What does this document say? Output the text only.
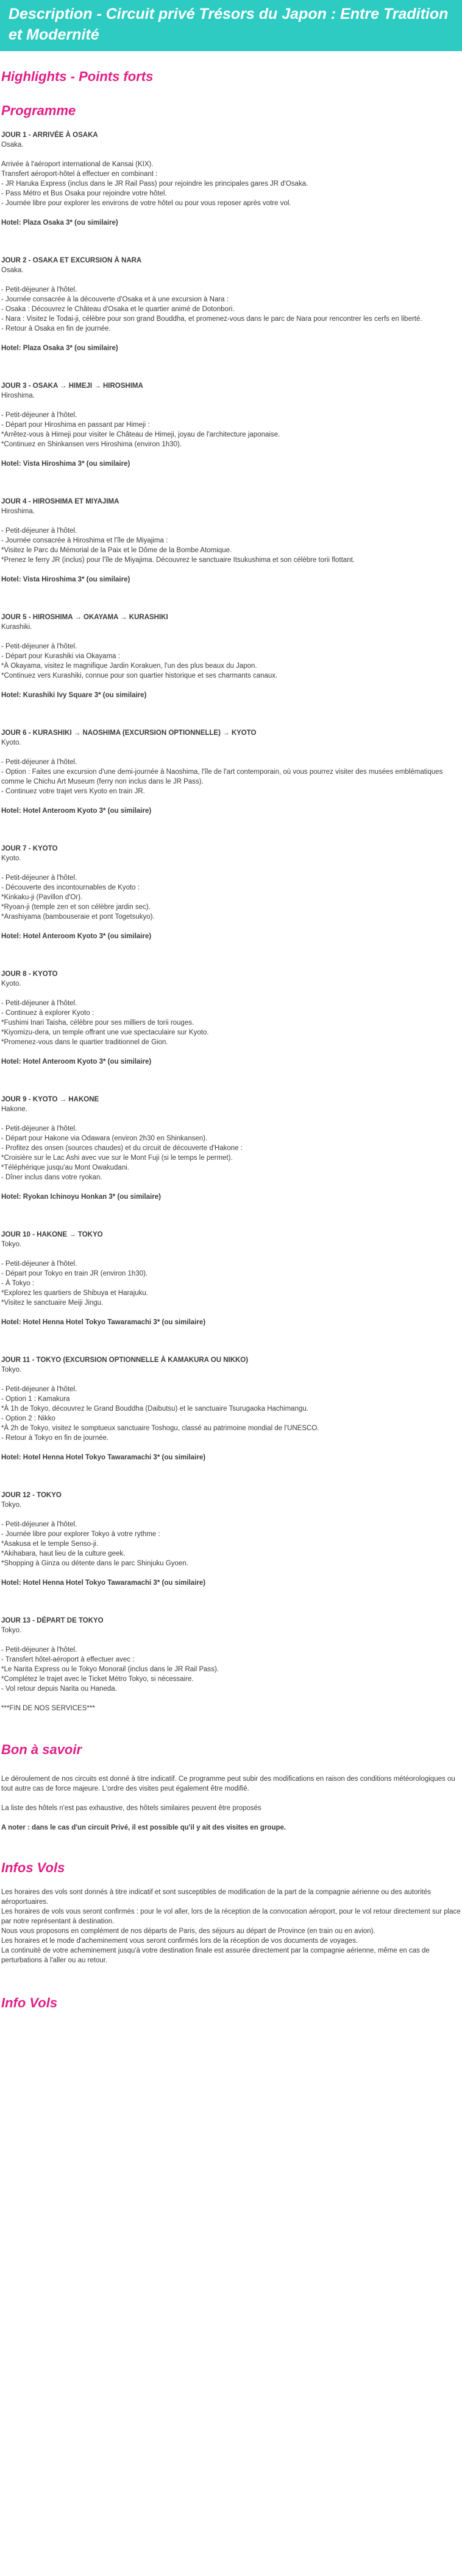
Description - Circuit privé Trésors du Japon : Entre Tradition et Modernité
Highlights - Points forts
Programme

JOUR 1 - ARRIVÉE À OSAKA

Osaka.

Arrivée à l'aéroport international de Kansai (KIX).

Transfert aéroport-hôtel à effectuer en combinant :

- JR Haruka Express (inclus dans le JR Rail Pass) pour rejoindre les principales gares JR d'Osaka.

- Pass Métro et Bus Osaka pour rejoindre votre hôtel.

- Journée libre pour explorer les environs de votre hôtel ou pour vous reposer après votre vol.

Hotel: Plaza Osaka 3* (ou similaire)

JOUR 2 - OSAKA ET EXCURSION À NARA

Osaka.

- Petit-déjeuner à l'hôtel.

- Journée consacrée à la découverte d'Osaka et à une excursion à Nara :

- Osaka : Découvrez le Château d'Osaka et le quartier animé de Dotonbori.

- Nara : Visitez le Todai-ji, célèbre pour son grand Bouddha, et promenez-vous dans le parc de Nara pour rencontrer les cerfs en liberté.

- Retour à Osaka en fin de journée.

Hotel: Plaza Osaka 3* (ou similaire)

JOUR 3 - OSAKA → HIMEJI → HIROSHIMA

Hiroshima.

- Petit-déjeuner à l'hôtel.

- Départ pour Hiroshima en passant par Himeji :

*Arrêtez-vous à Himeji pour visiter le Château de Himeji, joyau de l'architecture japonaise.

*Continuez en Shinkansen vers Hiroshima (environ 1h30).

Hotel: Vista Hiroshima 3* (ou similaire)

JOUR 4 - HIROSHIMA ET MIYAJIMA

Hiroshima.

- Petit-déjeuner à l'hôtel.

- Journée consacrée à Hiroshima et l'île de Miyajima :

*Visitez le Parc du Mémorial de la Paix et le Dôme de la Bombe Atomique.

*Prenez le ferry JR (inclus) pour l'île de Miyajima. Découvrez le sanctuaire Itsukushima et son célèbre torii flottant.

Hotel: Vista Hiroshima 3* (ou similaire)

JOUR 5 - HIROSHIMA → OKAYAMA → KURASHIKI

Kurashiki.

- Petit-déjeuner à l'hôtel.

- Départ pour Kurashiki via Okayama :

*À Okayama, visitez le magnifique Jardin Korakuen, l'un des plus beaux du Japon.

*Continuez vers Kurashiki, connue pour son quartier historique et ses charmants canaux.

Hotel: Kurashiki Ivy Square 3* (ou similaire)

JOUR 6 - KURASHIKI → NAOSHIMA (EXCURSION OPTIONNELLE) → KYOTO

Kyoto.

- Petit-déjeuner à l'hôtel.

- Option : Faites une excursion d'une demi-journée à Naoshima, l'île de l'art contemporain, où vous pourrez visiter des musées emblématiques comme le Chichu Art Museum (ferry non inclus dans le JR Pass).

- Continuez votre trajet vers Kyoto en train JR.

Hotel: Hotel Anteroom Kyoto 3* (ou similaire)

JOUR 7 - KYOTO

Kyoto.

- Petit-déjeuner à l'hôtel.

- Découverte des incontournables de Kyoto :

*Kinkaku-ji (Pavillon d'Or).

*Ryoan-ji (temple zen et son célèbre jardin sec).

*Arashiyama (bambouseraie et pont Togetsukyo).

Hotel: Hotel Anteroom Kyoto 3* (ou similaire)

JOUR 8 - KYOTO

Kyoto.

- Petit-déjeuner à l'hôtel.

- Continuez à explorer Kyoto :

*Fushimi Inari Taisha, célèbre pour ses milliers de torii rouges.

*Kiyomizu-dera, un temple offrant une vue spectaculaire sur Kyoto.

*Promenez-vous dans le quartier traditionnel de Gion.

Hotel: Hotel Anteroom Kyoto 3* (ou similaire)

JOUR 9 - KYOTO → HAKONE

Hakone.

- Petit-déjeuner à l'hôtel.

- Départ pour Hakone via Odawara (environ 2h30 en Shinkansen).

- Profitez des onsen (sources chaudes) et du circuit de découverte d'Hakone :

*Croisière sur le Lac Ashi avec vue sur le Mont Fuji (si le temps le permet).

*Téléphérique jusqu'au Mont Owakudani.

- Dîner inclus dans votre ryokan.

Hotel: Ryokan Ichinoyu Honkan 3* (ou similaire)

JOUR 10 - HAKONE → TOKYO

Tokyo.

- Petit-déjeuner à l'hôtel.

- Départ pour Tokyo en train JR (environ 1h30).

- À Tokyo :

*Explorez les quartiers de Shibuya et Harajuku.

*Visitez le sanctuaire Meiji Jingu.

Hotel: Hotel Henna Hotel Tokyo Tawaramachi 3* (ou similaire)

JOUR 11 - TOKYO (EXCURSION OPTIONNELLE À KAMAKURA OU NIKKO)

Tokyo.

- Petit-déjeuner à l'hôtel.

- Option 1 : Kamakura

*À 1h de Tokyo, découvrez le Grand Bouddha (Daibutsu) et le sanctuaire Tsurugaoka Hachimangu.

- Option 2 : Nikko

*À 2h de Tokyo, visitez le somptueux sanctuaire Toshogu, classé au patrimoine mondial de l'UNESCO.

- Retour à Tokyo en fin de journée.

Hotel: Hotel Henna Hotel Tokyo Tawaramachi 3* (ou similaire)

JOUR 12 - TOKYO

Tokyo.

- Petit-déjeuner à l'hôtel.

- Journée libre pour explorer Tokyo à votre rythme :

*Asakusa et le temple Senso-ji.

*Akihabara, haut lieu de la culture geek.

*Shopping à Ginza ou détente dans le parc Shinjuku Gyoen.

Hotel: Hotel Henna Hotel Tokyo Tawaramachi 3* (ou similaire)

JOUR 13 - DÉPART DE TOKYO

Tokyo.

- Petit-déjeuner à l'hôtel.

- Transfert hôtel-aéroport à effectuer avec :

*Le Narita Express ou le Tokyo Monorail (inclus dans le JR Rail Pass).

*Complétez le trajet avec le Ticket Métro Tokyo, si nécessaire.

- Vol retour depuis Narita ou Haneda.

***FIN DE NOS SERVICES***

Bon à savoir

Le déroulement de nos circuits est donné à titre indicatif. Ce programme peut subir des modifications en raison des conditions météorologiques ou tout autre cas de force majeure. L'ordre des visites peut également être modifié.

La liste des hôtels n'est pas exhaustive, des hôtels similaires peuvent être proposés

A noter : dans le cas d'un circuit Privé, il est possible qu'il y ait des visites en groupe.

Infos Vols

Les horaires des vols sont donnés à titre indicatif et sont susceptibles de modification de la part de la compagnie aérienne ou des autorités aéroportuaires.

Les horaires de vols vous seront confirmés : pour le vol aller, lors de la réception de la convocation aéroport, pour le vol retour directement sur place par notre représentant à destination.

Nous vous proposons en complément de nos départs de Paris, des séjours au départ de Province (en train ou en avion).

Les horaires et le mode d'acheminement vous seront confirmés lors de la réception de vos documents de voyages.

La continuité de votre acheminement jusqu'à votre destination finale est assurée directement par la compagnie aérienne, même en cas de perturbations à l'aller ou au retour.

Info Vols
